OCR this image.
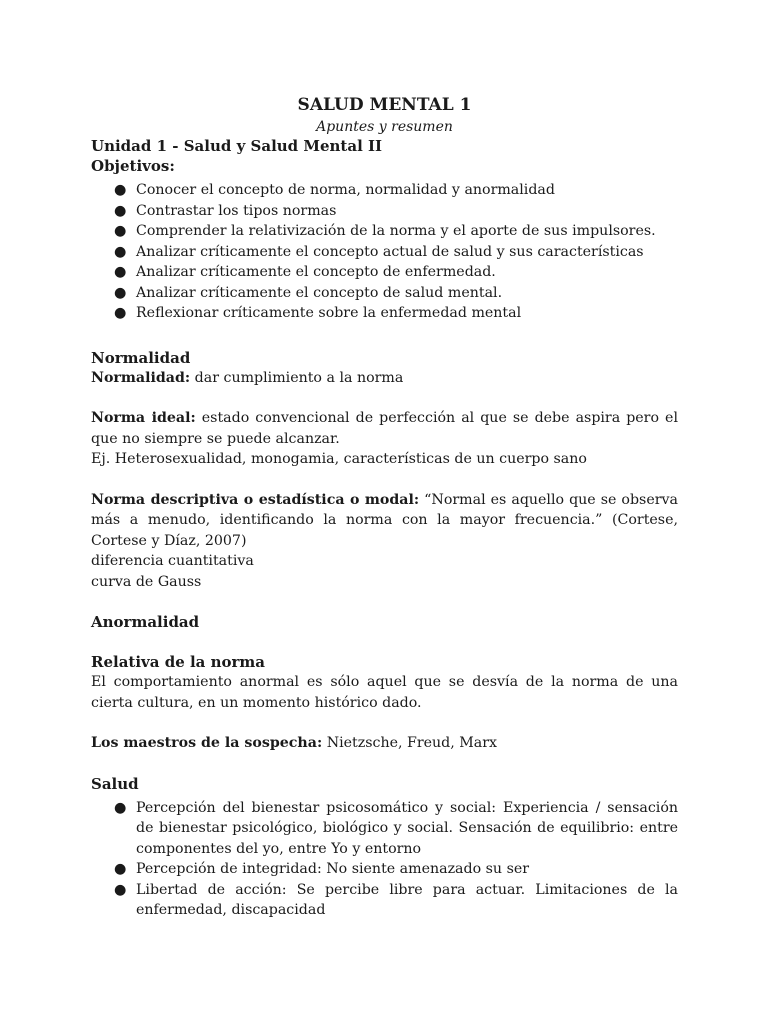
SALUD MENTAL 1
Apuntes y resumen
Unidad 1 - Salud y Salud Mental II
Objetivos:
● Conocer el concepto de norma, normalidad y anormalidad
● Contrastar los tipos normas
● Comprender la relativización de la norma y el aporte de sus impulsores.
● Analizar críticamente el concepto actual de salud y sus características
● Analizar críticamente el concepto de enfermedad.
● Analizar críticamente el concepto de salud mental.
● Reflexionar críticamente sobre la enfermedad mental
Normalidad

Normalidad: dar cumplimiento a la norma

Norma ideal: estado convencional de perfección al que se debe aspira pero el que no siempre se puede alcanzar.

Ej. Heterosexualidad, monogamia, características de un cuerpo sano

Norma descriptiva o estadística o modal: “Normal es aquello que se observa más a menudo, identificando la norma con la mayor frecuencia.” (Cortese, Cortese y Díaz, 2007)

diferencia cuantitativa

curva de Gauss

Anormalidad
Relativa de la norma

El comportamiento anormal es sólo aquel que se desvía de la norma de una cierta cultura, en un momento histórico dado.

Los maestros de la sospecha: Nietzsche, Freud, Marx

Salud
● Percepción del bienestar psicosomático y social: Experiencia / sensación de bienestar psicológico, biológico y social. Sensación de equilibrio: entre componentes del yo, entre Yo y entorno
● Percepción de integridad: No siente amenazado su ser
● Libertad de acción: Se percibe libre para actuar. Limitaciones de la enfermedad, discapacidad
